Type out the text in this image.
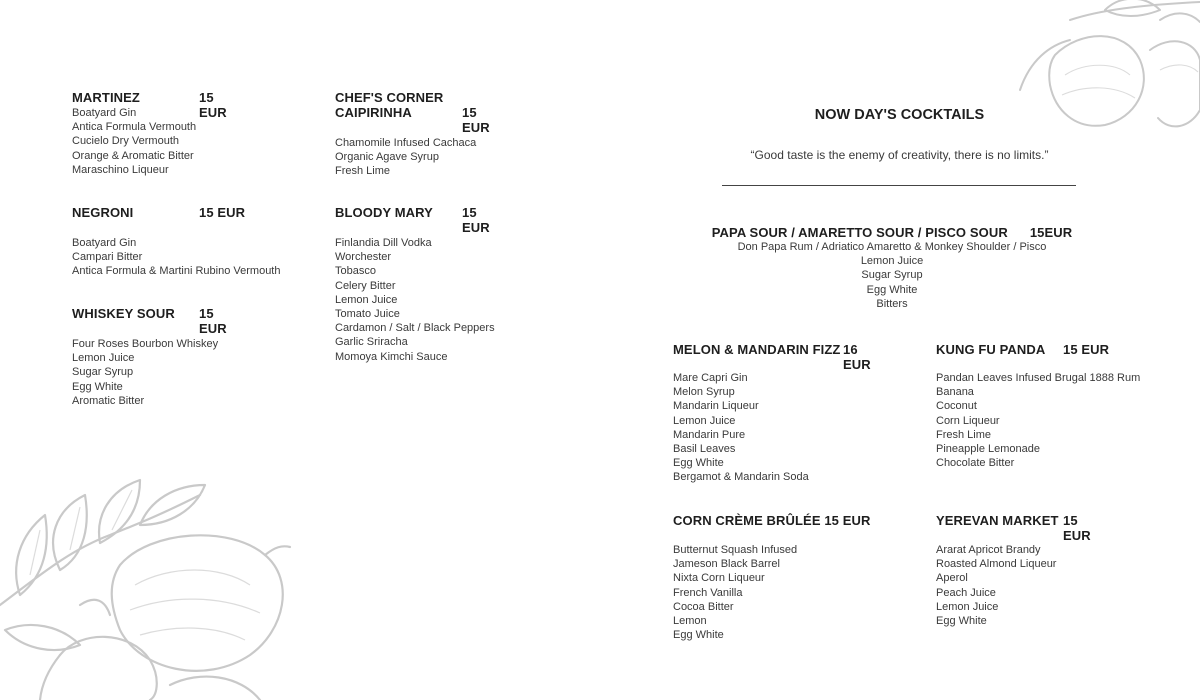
MARTINEZ	15 EUR
Boatyard Gin
Antica Formula Vermouth
Cucielo Dry Vermouth
Orange & Aromatic Bitter
Maraschino Liqueur
NEGRONI	15 EUR
Boatyard Gin
Campari Bitter
Antica Formula & Martini Rubino Vermouth
WHISKEY SOUR 15 EUR
Four Roses Bourbon Whiskey
Lemon Juice
Sugar Syrup
Egg White
Aromatic Bitter
CHEF'S CORNER
CAIPIRINHA	15 EUR
Chamomile Infused Cachaca
Organic Agave Syrup
Fresh Lime
BLOODY MARY 15 EUR
Finlandia Dill Vodka
Worchester
Tobasco
Celery Bitter
Lemon Juice
Tomato Juice
Cardamon / Salt / Black Peppers
Garlic Sriracha
Momoya Kimchi Sauce
NOW DAY'S COCKTAILS
“Good taste is the enemy of creativity, there is no limits.”
PAPA SOUR / AMARETTO SOUR / PISCO SOUR 15EUR
Don Papa Rum / Adriatico Amaretto & Monkey Shoulder / Pisco
Lemon Juice
Sugar Syrup
Egg White
Bitters
MELON & MANDARIN FIZZ 16 EUR
Mare Capri Gin
Melon Syrup
Mandarin Liqueur
Lemon Juice
Mandarin Pure
Basil Leaves
Egg White
Bergamot & Mandarin Soda
KUNG FU PANDA 15 EUR
Pandan Leaves Infused Brugal 1888 Rum
Banana
Coconut
Corn Liqueur
Fresh Lime
Pineapple Lemonade
Chocolate Bitter
CORN CRÈME BRÛLÉE 15 EUR
Butternut Squash Infused
Jameson Black Barrel
Nixta Corn Liqueur
French Vanilla
Cocoa Bitter
Lemon
Egg White
YEREVAN MARKET 15 EUR
Ararat Apricot Brandy
Roasted Almond Liqueur
Aperol
Peach Juice
Lemon Juice
Egg White
